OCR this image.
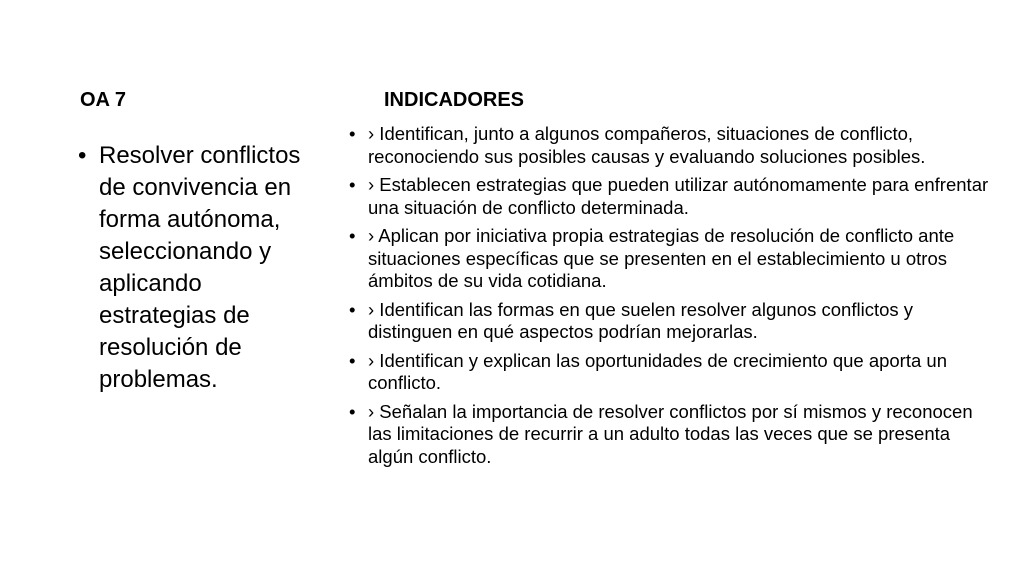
OA 7
• Resolver conflictos de convivencia en forma autónoma, seleccionando y aplicando estrategias de resolución de problemas.
INDICADORES
• › Identifican, junto a algunos compañeros, situaciones de conflicto, reconociendo sus posibles causas y evaluando soluciones posibles.
• › Establecen estrategias que pueden utilizar autónomamente para enfrentar una situación de conflicto determinada.
• › Aplican por iniciativa propia estrategias de resolución de conflicto ante situaciones específicas que se presenten en el establecimiento u otros ámbitos de su vida cotidiana.
• › Identifican las formas en que suelen resolver algunos conflictos y distinguen en qué aspectos podrían mejorarlas.
• › Identifican y explican las oportunidades de crecimiento que aporta un conflicto.
• › Señalan la importancia de resolver conflictos por sí mismos y reconocen las limitaciones de recurrir a un adulto todas las veces que se presenta algún conflicto.
